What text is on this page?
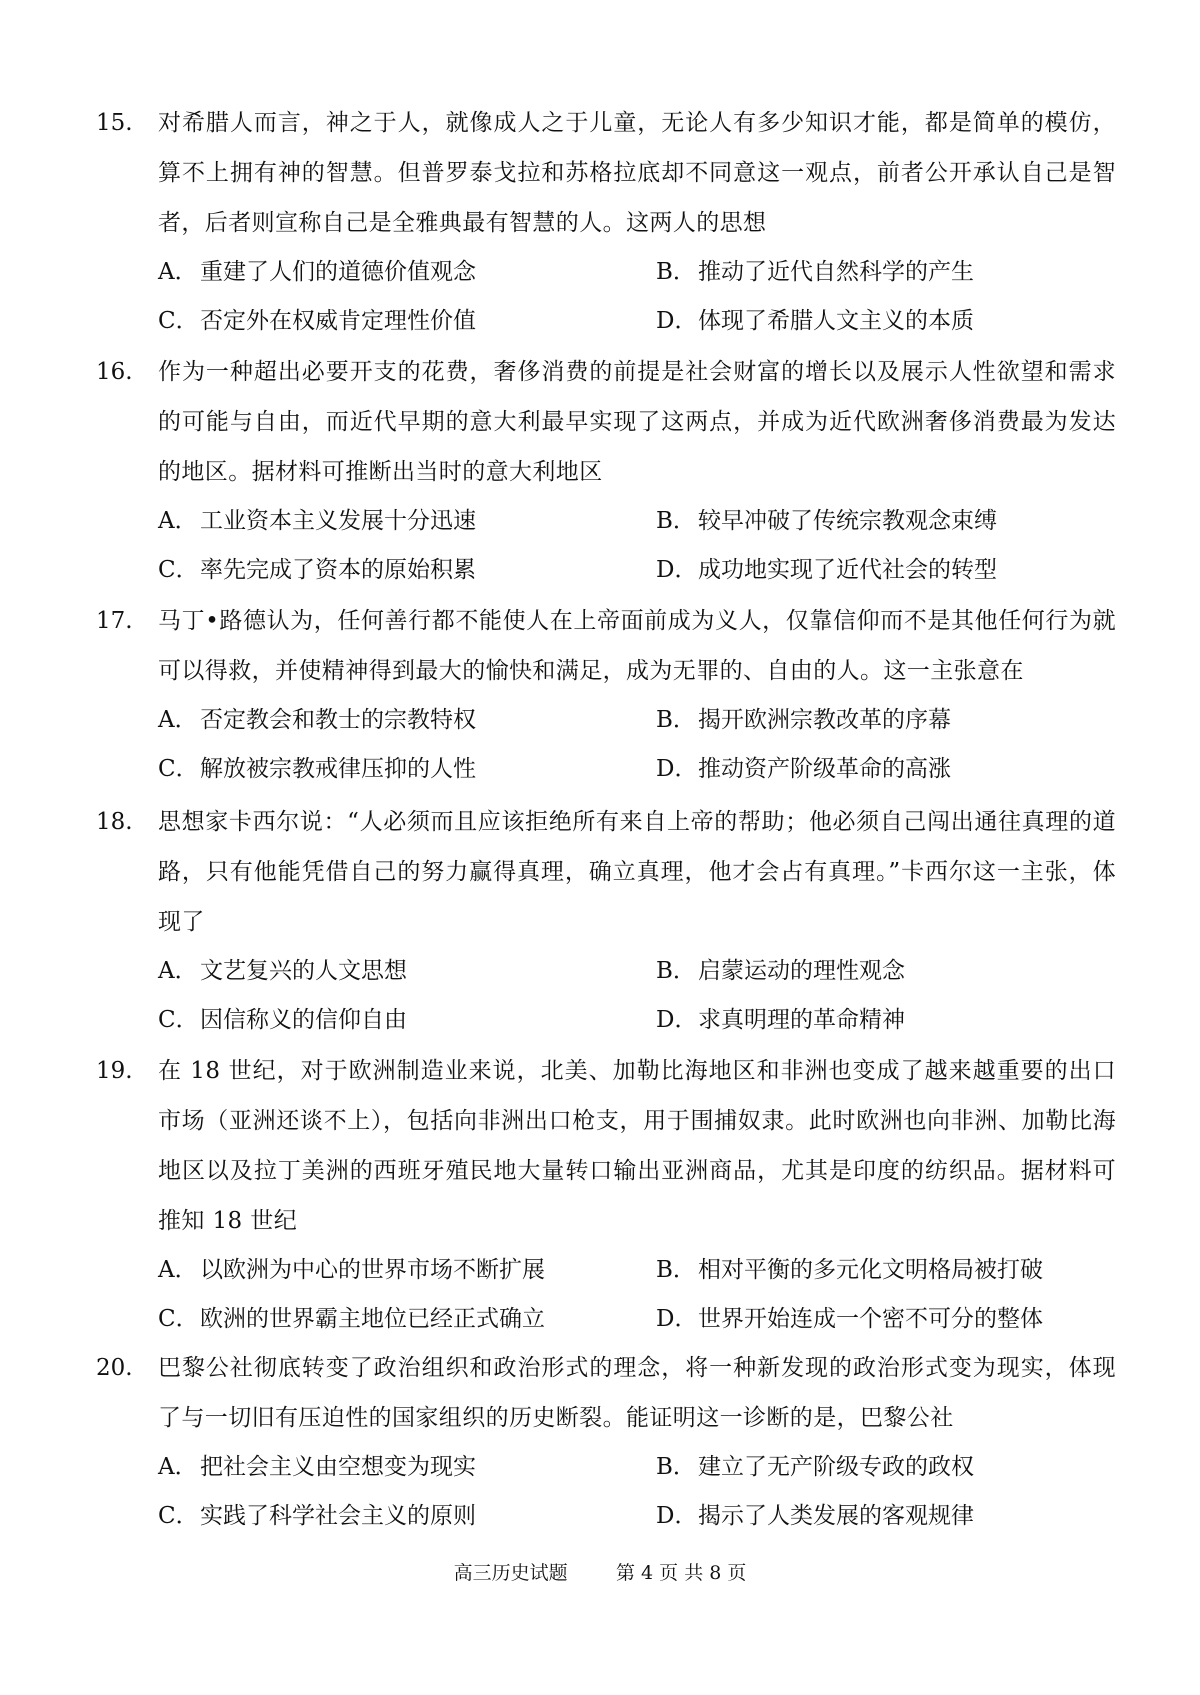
15.	对希腊人而言，神之于人，就像成人之于儿童，无论人有多少知识才能，都是简单的模仿，算不上拥有神的智慧。但普罗泰戈拉和苏格拉底却不同意这一观点，前者公开承认自己是智者，后者则宣称自己是全雅典最有智慧的人。这两人的思想
A． 重建了人们的道德价值观念	B． 推动了近代自然科学的产生
C． 否定外在权威肯定理性价值	D． 体现了希腊人文主义的本质
16.	作为一种超出必要开支的花费，奢侈消费的前提是社会财富的增长以及展示人性欲望和需求的可能与自由，而近代早期的意大利最早实现了这两点，并成为近代欧洲奢侈消费最为发达的地区。据材料可推断出当时的意大利地区
A． 工业资本主义发展十分迅速	B． 较早冲破了传统宗教观念束缚
C． 率先完成了资本的原始积累	D． 成功地实现了近代社会的转型
17.	马丁•路德认为，任何善行都不能使人在上帝面前成为义人，仅靠信仰而不是其他任何行为就可以得救，并使精神得到最大的愉快和满足，成为无罪的、自由的人。这一主张意在
A． 否定教会和教士的宗教特权	B． 揭开欧洲宗教改革的序幕
C． 解放被宗教戒律压抑的人性	D． 推动资产阶级革命的高涨
18.	思想家卡西尔说：“人必须而且应该拒绝所有来自上帝的帮助；他必须自己闯出通往真理的道路，只有他能凭借自己的努力赢得真理，确立真理，他才会占有真理。”卡西尔这一主张，体现了
A． 文艺复兴的人文思想	B． 启蒙运动的理性观念
C． 因信称义的信仰自由	D． 求真明理的革命精神
19.	在 18 世纪，对于欧洲制造业来说，北美、加勒比海地区和非洲也变成了越来越重要的出口市场（亚洲还谈不上），包括向非洲出口枪支，用于围捕奴隶。此时欧洲也向非洲、加勒比海地区以及拉丁美洲的西班牙殖民地大量转口输出亚洲商品，尤其是印度的纺织品。据材料可推知 18 世纪
A． 以欧洲为中心的世界市场不断扩展	B． 相对平衡的多元化文明格局被打破
C． 欧洲的世界霸主地位已经正式确立	D． 世界开始连成一个密不可分的整体
20.	巴黎公社彻底转变了政治组织和政治形式的理念，将一种新发现的政治形式变为现实，体现了与一切旧有压迫性的国家组织的历史断裂。能证明这一诊断的是，巴黎公社
A． 把社会主义由空想变为现实	B． 建立了无产阶级专政的政权
C． 实践了科学社会主义的原则	D． 揭示了人类发展的客观规律
高三历史试题	第 4 页 共 8 页
